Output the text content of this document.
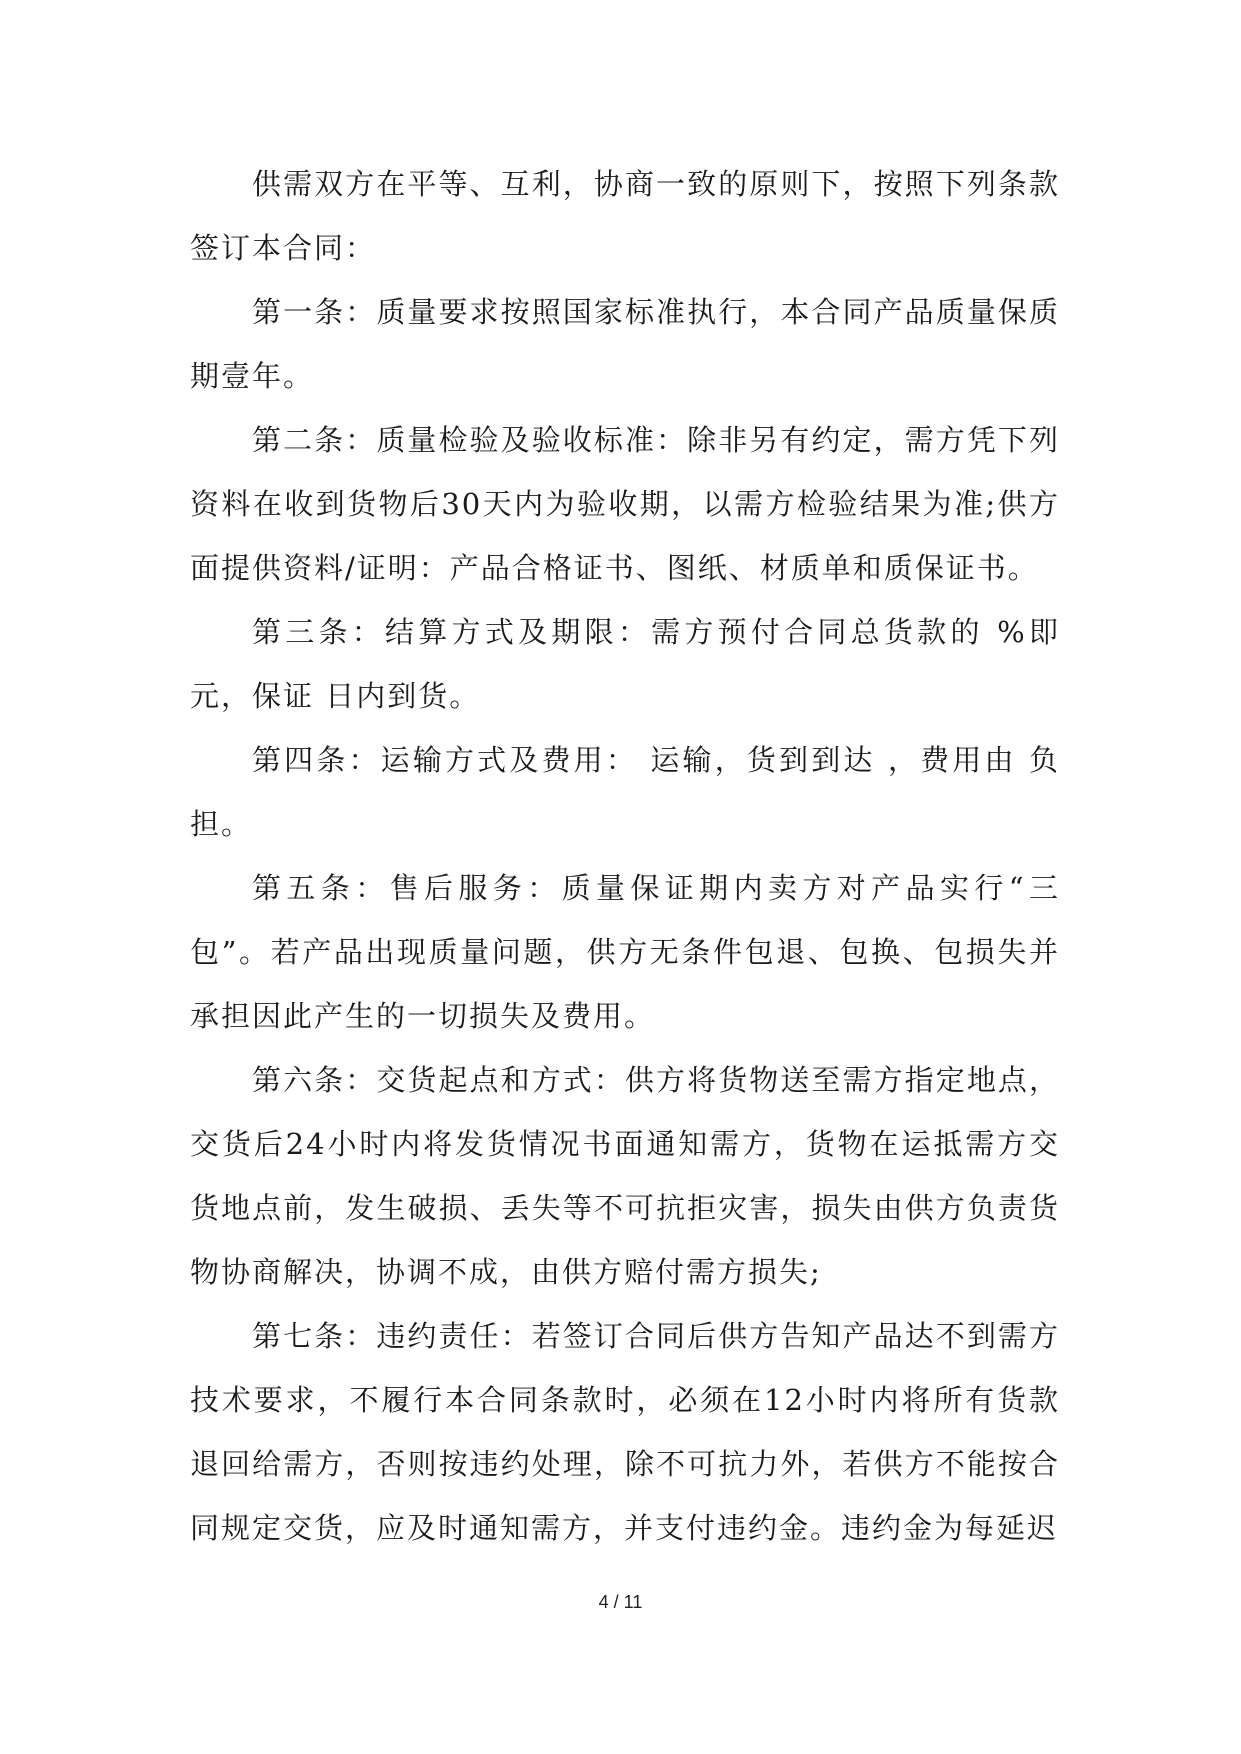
供需双方在平等、互利，协商一致的原则下，按照下列条款签订本合同：

第一条：质量要求按照国家标准执行，本合同产品质量保质期壹年。

第二条：质量检验及验收标准：除非另有约定，需方凭下列资料在收到货物后30天内为验收期，以需方检验结果为准;供方面提供资料/证明：产品合格证书、图纸、材质单和质保证书。

第三条：结算方式及期限：需方预付合同总货款的 %即 元，保证 日内到货。

第四条：运输方式及费用： 运输，货到到达 ，费用由 负担。

第五条：售后服务：质量保证期内卖方对产品实行“三包”。若产品出现质量问题，供方无条件包退、包换、包损失并承担因此产生的一切损失及费用。

第六条：交货起点和方式：供方将货物送至需方指定地点，交货后24小时内将发货情况书面通知需方，货物在运抵需方交货地点前，发生破损、丢失等不可抗拒灾害，损失由供方负责货物协商解决，协调不成，由供方赔付需方损失;

第七条：违约责任：若签订合同后供方告知产品达不到需方技术要求，不履行本合同条款时，必须在12小时内将所有货款退回给需方，否则按违约处理，除不可抗力外，若供方不能按合同规定交货，应及时通知需方，并支付违约金。违约金为每延迟

4 / 11
